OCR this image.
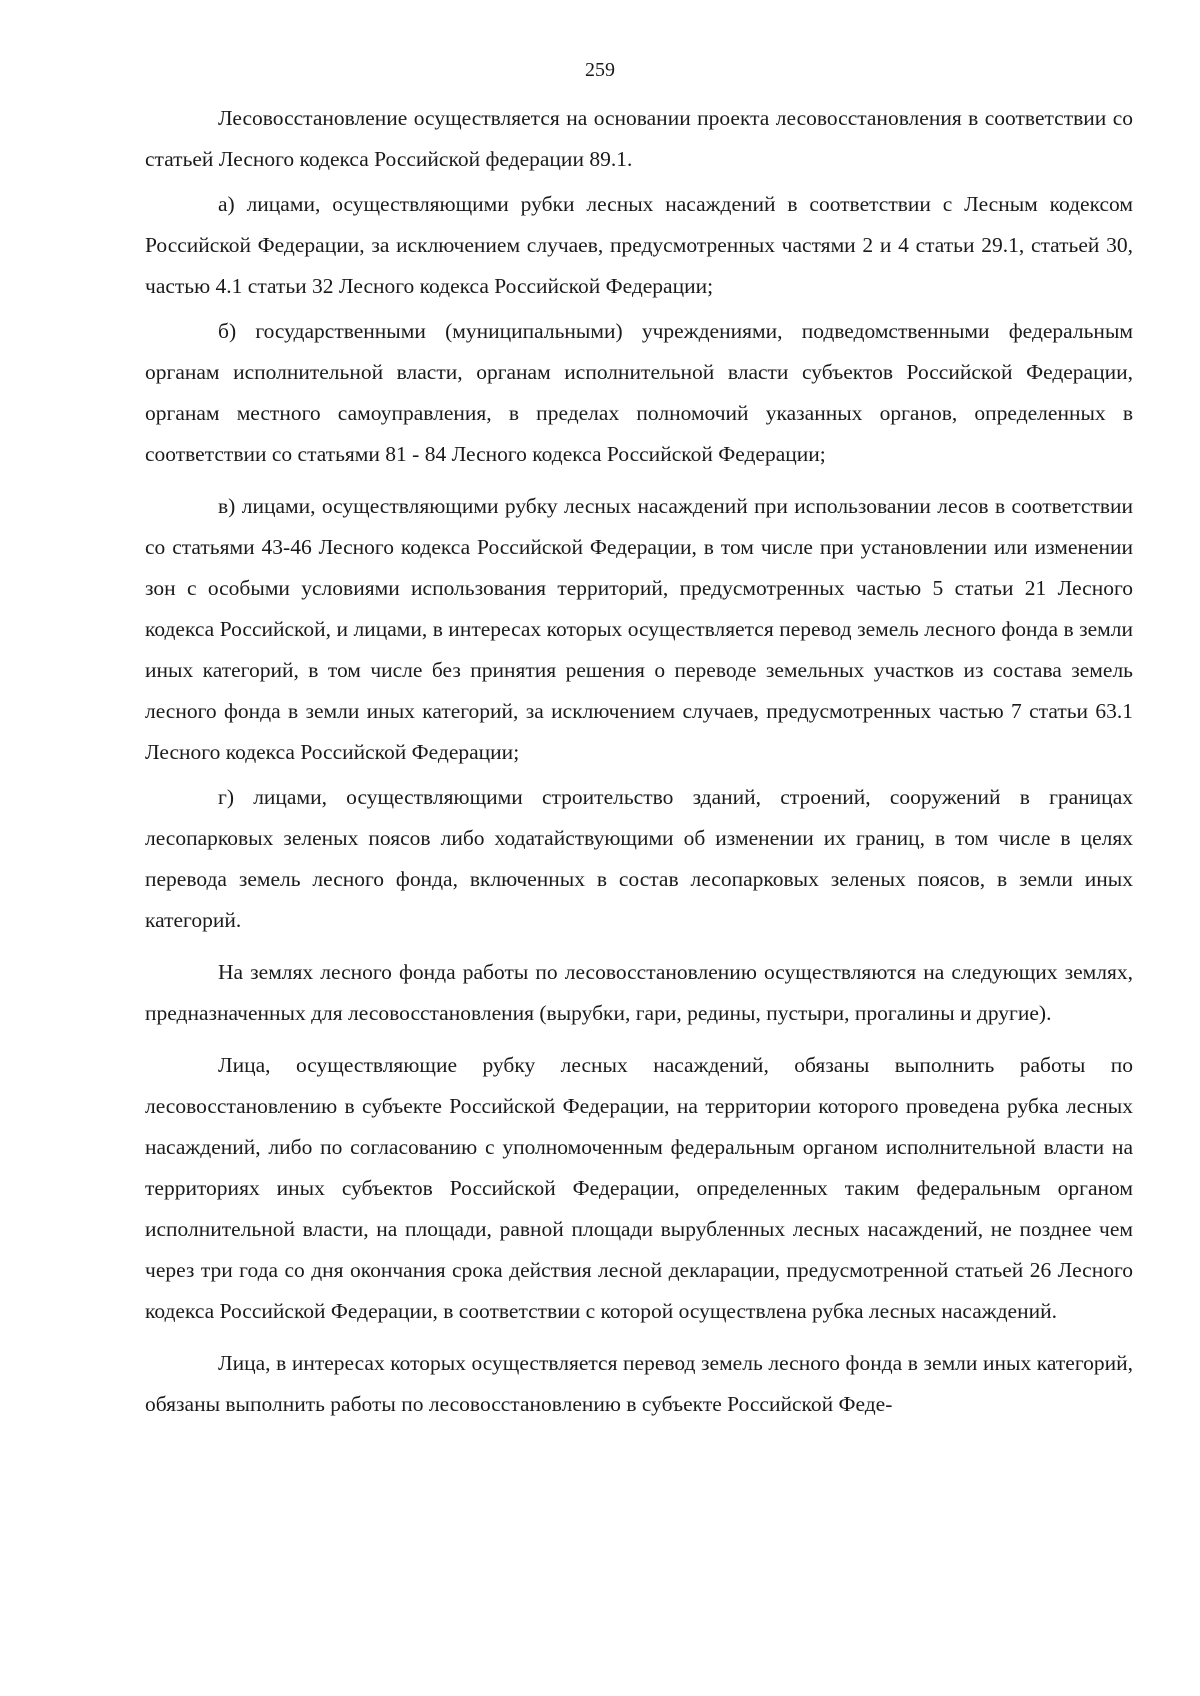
259

Лесовосстановление осуществляется на основании проекта лесовосстановления в соответствии со статьей Лесного кодекса Российской федерации 89.1.

а) лицами, осуществляющими рубки лесных насаждений в соответствии с Лесным кодексом Российской Федерации, за исключением случаев, предусмотренных частями 2 и 4 статьи 29.1, статьей 30, частью 4.1 статьи 32 Лесного кодекса Российской Федерации;

б) государственными (муниципальными) учреждениями, подведомственными федеральным органам исполнительной власти, органам исполнительной власти субъектов Российской Федерации, органам местного самоуправления, в пределах полномочий указанных органов, определенных в соответствии со статьями 81 - 84 Лесного кодекса Российской Федерации;

в) лицами, осуществляющими рубку лесных насаждений при использовании лесов в соответствии со статьями 43-46 Лесного кодекса Российской Федерации, в том числе при установлении или изменении зон с особыми условиями использования территорий, предусмотренных частью 5 статьи 21 Лесного кодекса Российской, и лицами, в интересах которых осуществляется перевод земель лесного фонда в земли иных категорий, в том числе без принятия решения о переводе земельных участков из состава земель лесного фонда в земли иных категорий, за исключением случаев, предусмотренных частью 7 статьи 63.1 Лесного кодекса Российской Федерации;

г) лицами, осуществляющими строительство зданий, строений, сооружений в границах лесопарковых зеленых поясов либо ходатайствующими об изменении их границ, в том числе в целях перевода земель лесного фонда, включенных в состав лесопарковых зеленых поясов, в земли иных категорий.

На землях лесного фонда работы по лесовосстановлению осуществляются на следующих землях, предназначенных для лесовосстановления (вырубки, гари, редины, пустыри, прогалины и другие).

Лица, осуществляющие рубку лесных насаждений, обязаны выполнить работы по лесовосстановлению в субъекте Российской Федерации, на территории которого проведена рубка лесных насаждений, либо по согласованию с уполномоченным федеральным органом исполнительной власти на территориях иных субъектов Российской Федерации, определенных таким федеральным органом исполнительной власти, на площади, равной площади вырубленных лесных насаждений, не позднее чем через три года со дня окончания срока действия лесной декларации, предусмотренной статьей 26 Лесного кодекса Российской Федерации, в соответствии с которой осуществлена рубка лесных насаждений.

Лица, в интересах которых осуществляется перевод земель лесного фонда в земли иных категорий, обязаны выполнить работы по лесовосстановлению в субъекте Российской Феде-
